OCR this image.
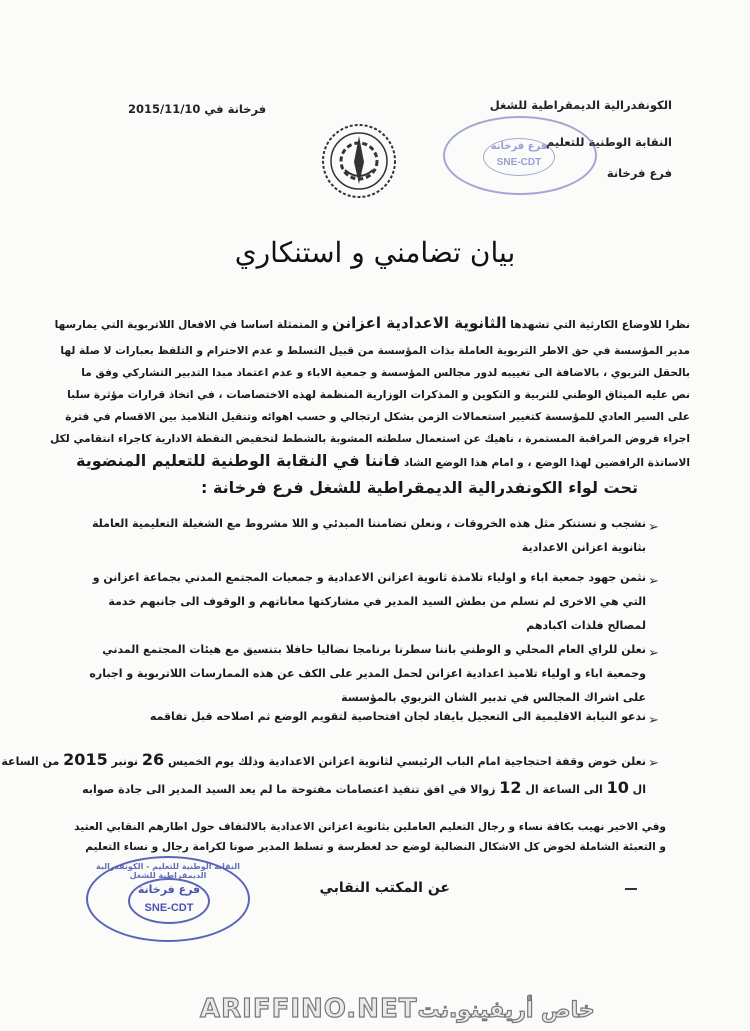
الكونفدرالية الديمقراطية للشغل
النقابة الوطنية للتعليم
فرع فرخانة
فرخانة في 2015/11/10
فرع فرخانة
SNE-CDT
بيان تضامني و استنكاري
نظرا للاوضاع الكارثية التي تشهدها الثانوية الاعدادية اعزانن و المتمثلة اساسا في الافعال اللاتربوية التي يمارسها
مدير المؤسسة في حق الاطر التربوية العاملة بذات المؤسسة من قبيل التسلط و عدم الاحترام و التلفظ بعبارات لا صلة لها
بالحقل التربوي ، بالاضافة الى تغييبه لدور مجالس المؤسسة و جمعية الاباء و عدم اعتماد مبدا التدبير التشاركي وفق ما
نص عليه الميثاق الوطني للتربية و التكوين و المذكرات الوزارية المنظمة لهذه الاختصاصات ، في اتخاذ قرارات مؤثرة سلبا
على السير العادي للمؤسسة كتغيير استعمالات الزمن بشكل ارتجالي و حسب اهوائه وتنقيل التلاميذ بين الاقسام في فترة
اجراء فروض المراقبة المستمرة ، ناهيك عن استعمال سلطته المشوبة بالشطط لتخفيض النقطة الادارية كاجراء انتقامي لكل
الاساتذة الرافضين لهذا الوضع ، و امام هذا الوضع الشاد فاننا في النقابة الوطنية للتعليم المنضوية
تحت لواء الكونفدرالية الديمقراطية للشغل فرع فرخانة :
➢
نشجب و نستنكر مثل هذه الخروقات ، ونعلن تضامننا المبدئي و اللا مشروط مع الشغيلة التعليمية العاملة بثانوية اعزانن الاعدادية
➢
نثمن جهود جمعية اباء و اولياء تلامذة ثانوية اعزانن الاعدادية و جمعيات المجتمع المدني بجماعة اعزانن و التي هي الاخرى لم تسلم من بطش السيد المدير في مشاركتها معاناتهم و الوقوف الى جانبهم خدمة لمصالح فلذات اكبادهم
➢
نعلن للراي العام المحلي و الوطني باننا سطرنا برنامجا نضاليا حافلا بتنسيق مع هيئات المجتمع المدني وجمعية اباء و اولياء تلاميذ اعدادية اعزانن لحمل المدير على الكف عن هذه الممارسات اللاتربوية و اجباره على اشراك المجالس في تدبير الشان التربوي بالمؤسسة
➢
ندعو النيابة الاقليمية الى التعجيل بايفاد لجان افتحاصية لتقويم الوضع ثم اصلاحه قبل تفاقمه
➢
نعلن خوض وقفة احتجاجية امام الباب الرئيسي لثانوية اعزانن الاعدادية وذلك يوم الخميس 26 نونبر 2015 من الساعة
ال 10 الى الساعة ال 12 زوالا في افق تنفيذ اعتصامات مفتوحة ما لم يعد السيد المدير الى جادة صوابه
وفي الاخير نهيب بكافة نساء و رجال التعليم العاملين بثانوية اعزانن الاعدادية بالالتفاف حول اطارهم النقابي العتيد
و التعبئة الشاملة لخوض كل الاشكال النضالية لوضع حد لغطرسة و تسلط المدير صونا لكرامة رجال و نساء التعليم
عن المكتب النقابي
النقابة الوطنية للتعليم - الكونفدرالية الديمقراطية للشغل
فرع فرخانة
SNE-CDT
ARIFFINO.NETخاص أريفينو.نت
